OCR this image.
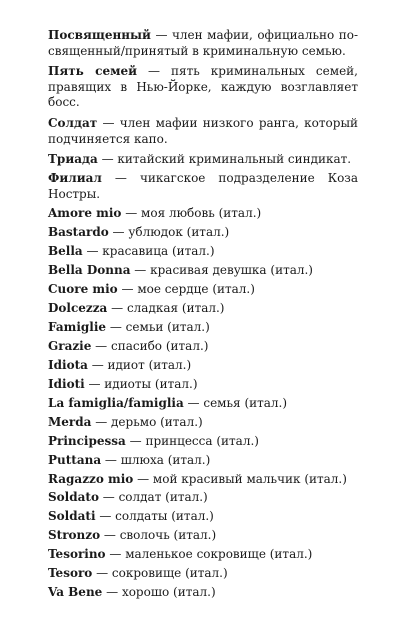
Посвященный — член мафии, официально посвященный/принятый в криминальную семью.

Пять семей — пять криминальных семей, правящих в Нью-Йорке, каждую возглавляет босс.

Солдат — член мафии низкого ранга, который подчиняется капо.

Триада — китайский криминальный синдикат.

Филиал — чикагское подразделение Коза Ностры.

Amore mio — моя любовь (итал.)

Bastardo — ублюдок (итал.)

Bella — красавица (итал.)

Bella Donna — красивая девушка (итал.)

Cuore mio — мое сердце (итал.)

Dolcezza — сладкая (итал.)

Famiglie — семьи (итал.)

Grazie — спасибо (итал.)

Idiota — идиот (итал.)

Idioti — идиоты (итал.)

La famiglia/famiglia — семья (итал.)

Merda — дерьмо (итал.)

Principessa — принцесса (итал.)

Puttana — шлюха (итал.)

Ragazzo mio — мой красивый мальчик (итал.)

Soldato — солдат (итал.)

Soldati — солдаты (итал.)

Stronzo — сволочь (итал.)

Tesorino — маленькое сокровище (итал.)

Tesoro — сокровище (итал.)

Va Bene — хорошо (итал.)
